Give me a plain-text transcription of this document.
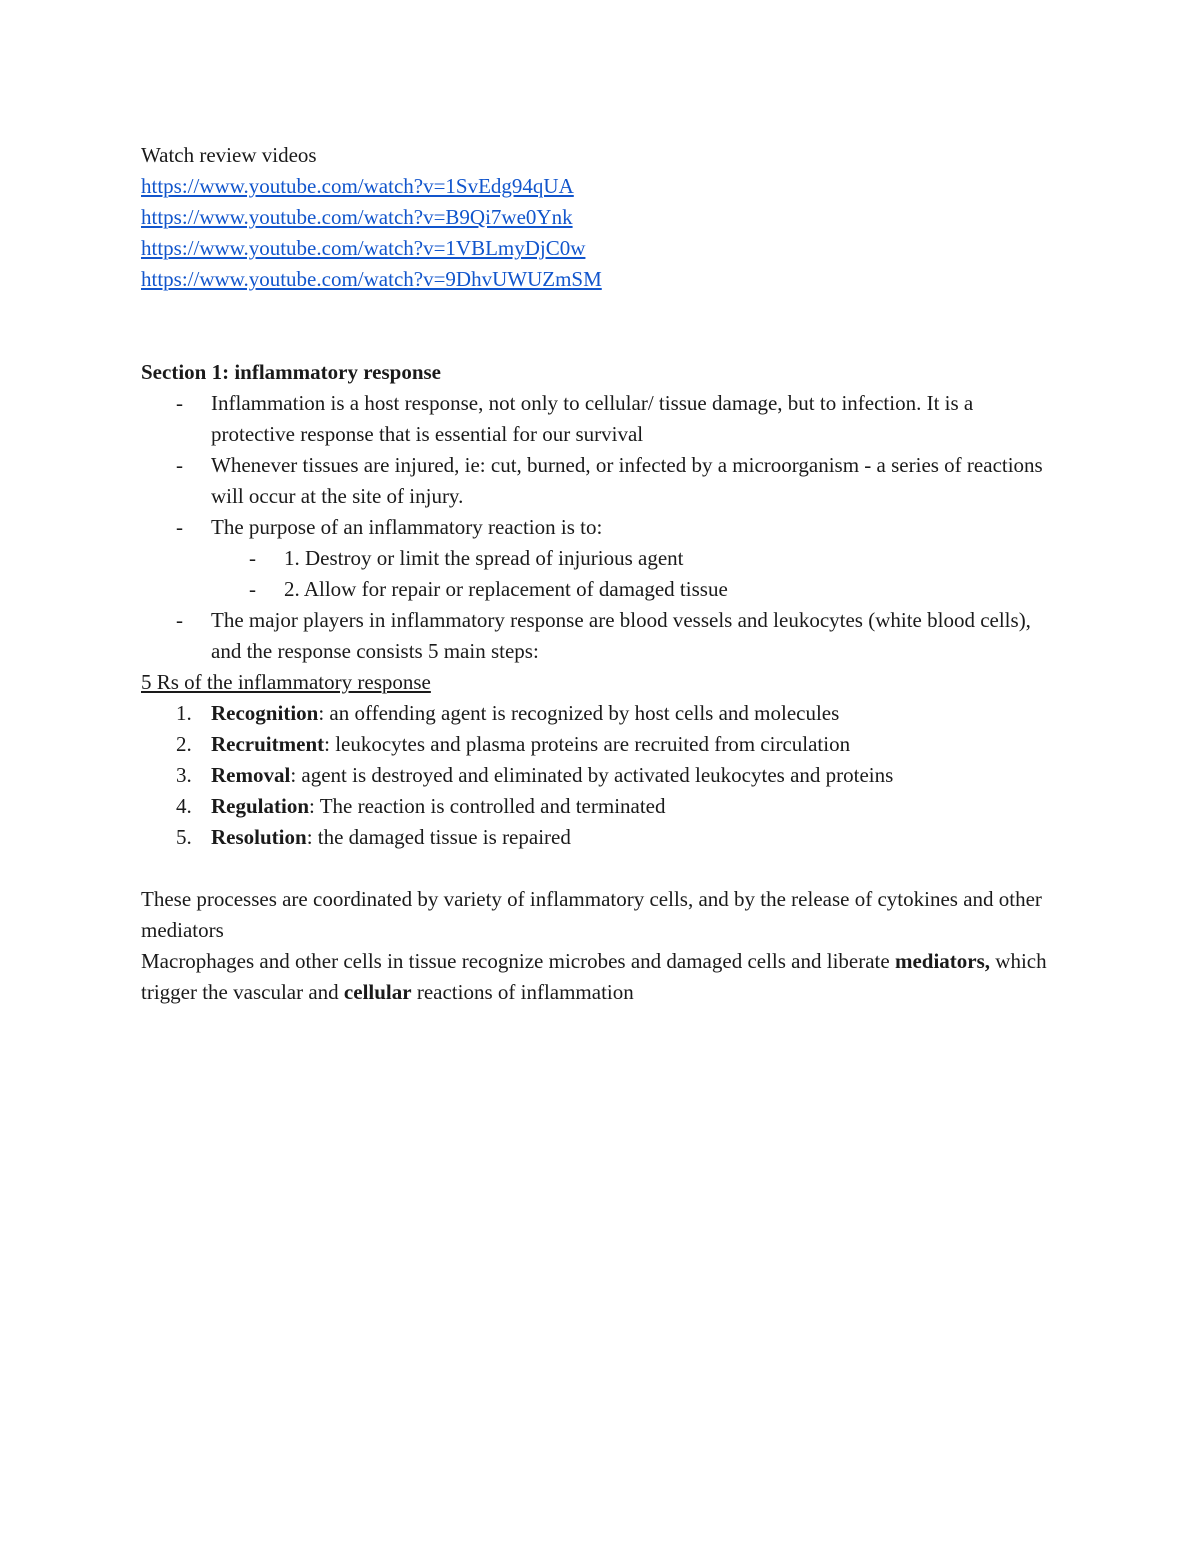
Watch review videos
https://www.youtube.com/watch?v=1SvEdg94qUA
https://www.youtube.com/watch?v=B9Qi7we0Ynk
https://www.youtube.com/watch?v=1VBLmyDjC0w
https://www.youtube.com/watch?v=9DhvUWUZmSM
Section 1: inflammatory response
- Inflammation is a host response, not only to cellular/ tissue damage, but to infection. It is a protective response that is essential for our survival
- Whenever tissues are injured, ie: cut, burned, or infected by a microorganism - a series of reactions will occur at the site of injury.
- The purpose of an inflammatory reaction is to:
- 1. Destroy or limit the spread of injurious agent
- 2. Allow for repair or replacement of damaged tissue
- The major players in inflammatory response are blood vessels and leukocytes (white blood cells), and the response consists 5 main steps:
5 Rs of the inflammatory response
1. Recognition: an offending agent is recognized by host cells and molecules
2. Recruitment: leukocytes and plasma proteins are recruited from circulation
3. Removal: agent is destroyed and eliminated by activated leukocytes and proteins
4. Regulation: The reaction is controlled and terminated
5. Resolution: the damaged tissue is repaired
These processes are coordinated by variety of inflammatory cells, and by the release of cytokines and other mediators
Macrophages and other cells in tissue recognize microbes and damaged cells and liberate mediators, which trigger the vascular and cellular reactions of inflammation
